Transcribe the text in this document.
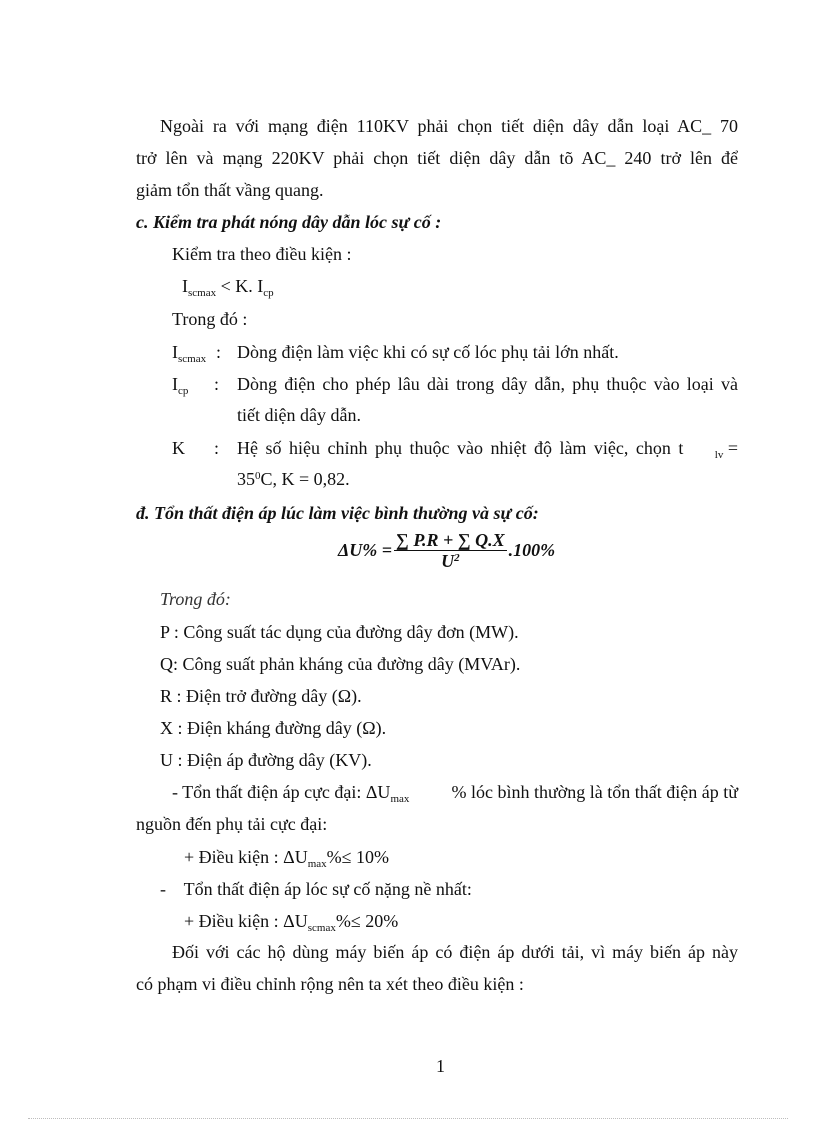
Ngoài ra với mạng điện 110KV phải chọn tiết diện dây dẫn loại AC_ 70
trở lên và mạng 220KV phải chọn tiết diện dây dẫn tõ AC_ 240 trở lên để
giảm tổn thất vầng quang.
c. Kiểm tra phát nóng dây dẫn lóc sự cố :
Kiểm tra theo điều kiện :
$I_{scmax} < K$. $I_{cp}$
Trong đó :
$I_{scmax}$ : Dòng điện làm việc khi có sự cố lóc phụ tải lớn nhất.
$I_{cp}$ : Dòng điện cho phép lâu dài trong dây dẫn, phụ thuộc vào loại và
tiết diện dây dẫn.
K : Hệ số hiệu chỉnh phụ thuộc vào nhiệt độ làm việc, chọn t	$_{lv}$ =
$35^0C$, K = 0,82.
đ. Tổn thất điện áp lúc làm việc bình thường và sự cố:
$\Delta U\% = \frac{\sum P.R + \sum Q.X}{U^2} .100\%$
Trong đó:
P : Công suất tác dụng của đường dây đơn (MW).
Q: Công suất phản kháng của đường dây (MVAr).
R : Điện trở đường dây (Ω).
X : Điện kháng đường dây (Ω).
U : Điện áp đường dây (KV).
- Tổn thất điện áp cực đại: $\Delta U_{max}$ % lóc bình thường là tổn thất điện áp từ
nguồn đến phụ tải cực đại:
+ Điều kiện : $\Delta U_{max}\%\le 10\%$
-    Tổn thất điện áp lóc sự cố nặng nề nhất:
+ Điều kiện : $\Delta U_{scmax}\%\le 20\%$
Đối với các hộ dùng máy biến áp có điện áp dưới tải, vì máy biến áp này
có phạm vi điều chỉnh rộng nên ta xét theo điều kiện :
1
